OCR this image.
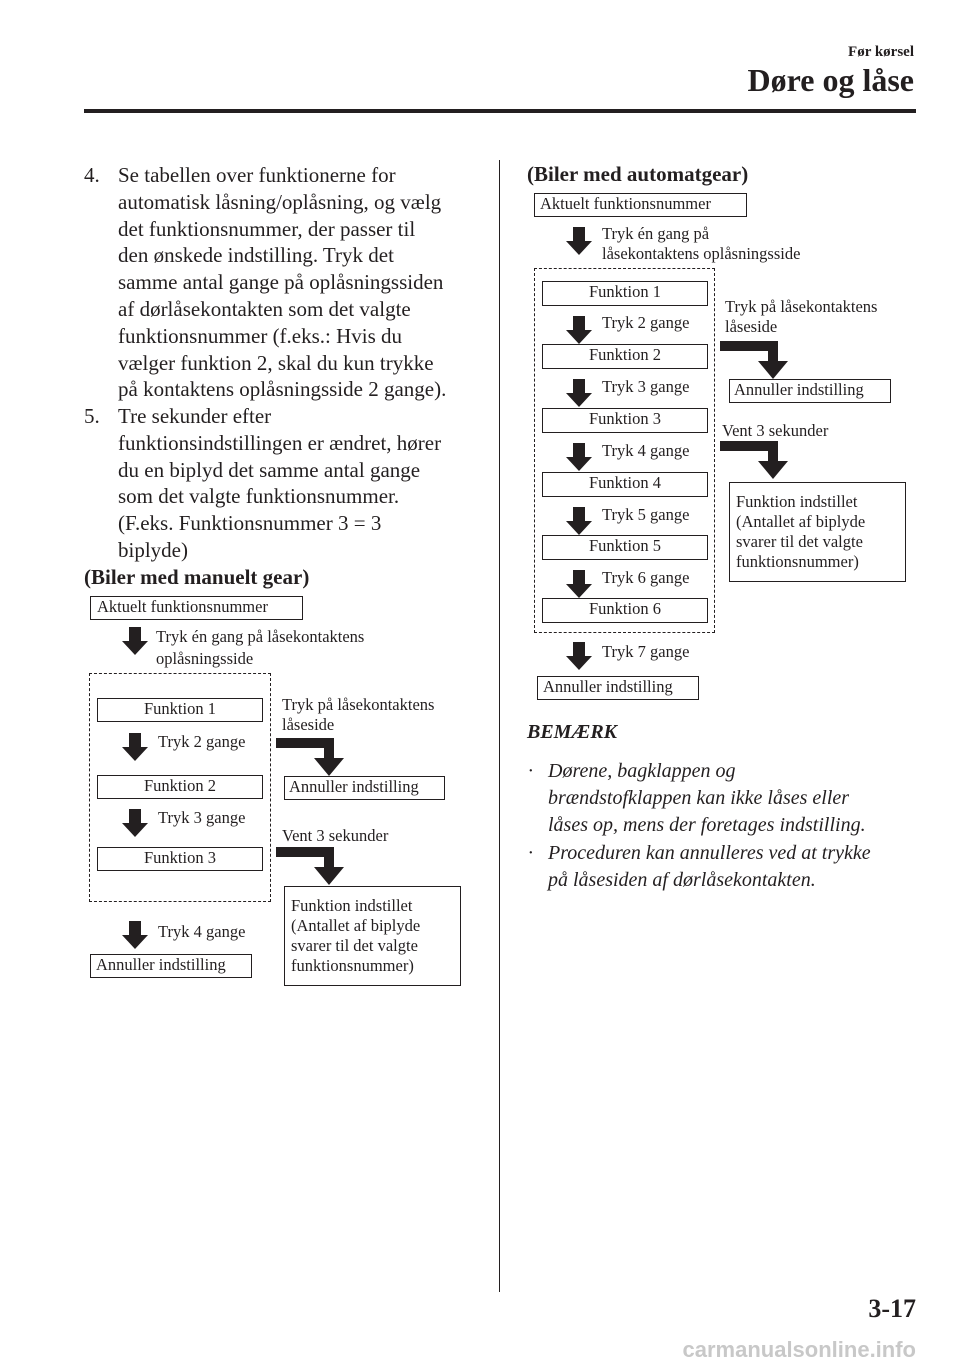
Før kørsel
Døre og låse
4. Se tabellen over funktionerne for
automatisk låsning/oplåsning, og vælg
det funktionsnummer, der passer til
den ønskede indstilling. Tryk det
samme antal gange på oplåsningssiden
af dørlåsekontakten som det valgte
funktionsnummer (f.eks.: Hvis du
vælger funktion 2, skal du kun trykke
på kontaktens oplåsningsside 2 gange).
5. Tre sekunder efter
funktionsindstillingen er ændret, hører
du en biplyd det samme antal gange
som det valgte funktionsnummer.
(F.eks. Funktionsnummer 3 = 3
biplyde)
(Biler med manuelt gear)
Aktuelt funktionsnummer
Tryk én gang på låsekontaktens
oplåsningsside
Funktion 1
Tryk 2 gange
Funktion 2
Tryk 3 gange
Funktion 3
Tryk 4 gange
Annuller indstilling
Tryk på låsekontaktens
låseside
Annuller indstilling
Vent 3 sekunder
Funktion indstillet
(Antallet af biplyde
svarer til det valgte
funktionsnummer)
(Biler med automatgear)
Aktuelt funktionsnummer
Tryk én gang på
låsekontaktens oplåsningsside
Funktion 1
Tryk 2 gange
Funktion 2
Tryk 3 gange
Funktion 3
Tryk 4 gange
Funktion 4
Tryk 5 gange
Funktion 5
Tryk 6 gange
Funktion 6
Tryk 7 gange
Annuller indstilling
Tryk på låsekontaktens
låseside
Annuller indstilling
Vent 3 sekunder
Funktion indstillet
(Antallet af biplyde
svarer til det valgte
funktionsnummer)
BEMÆRK
· Dørene, bagklappen og
brændstofklappen kan ikke låses eller
låses op, mens der foretages indstilling.
· Proceduren kan annulleres ved at trykke
på låsesiden af dørlåsekontakten.
3-17
carmanualsonline.info
